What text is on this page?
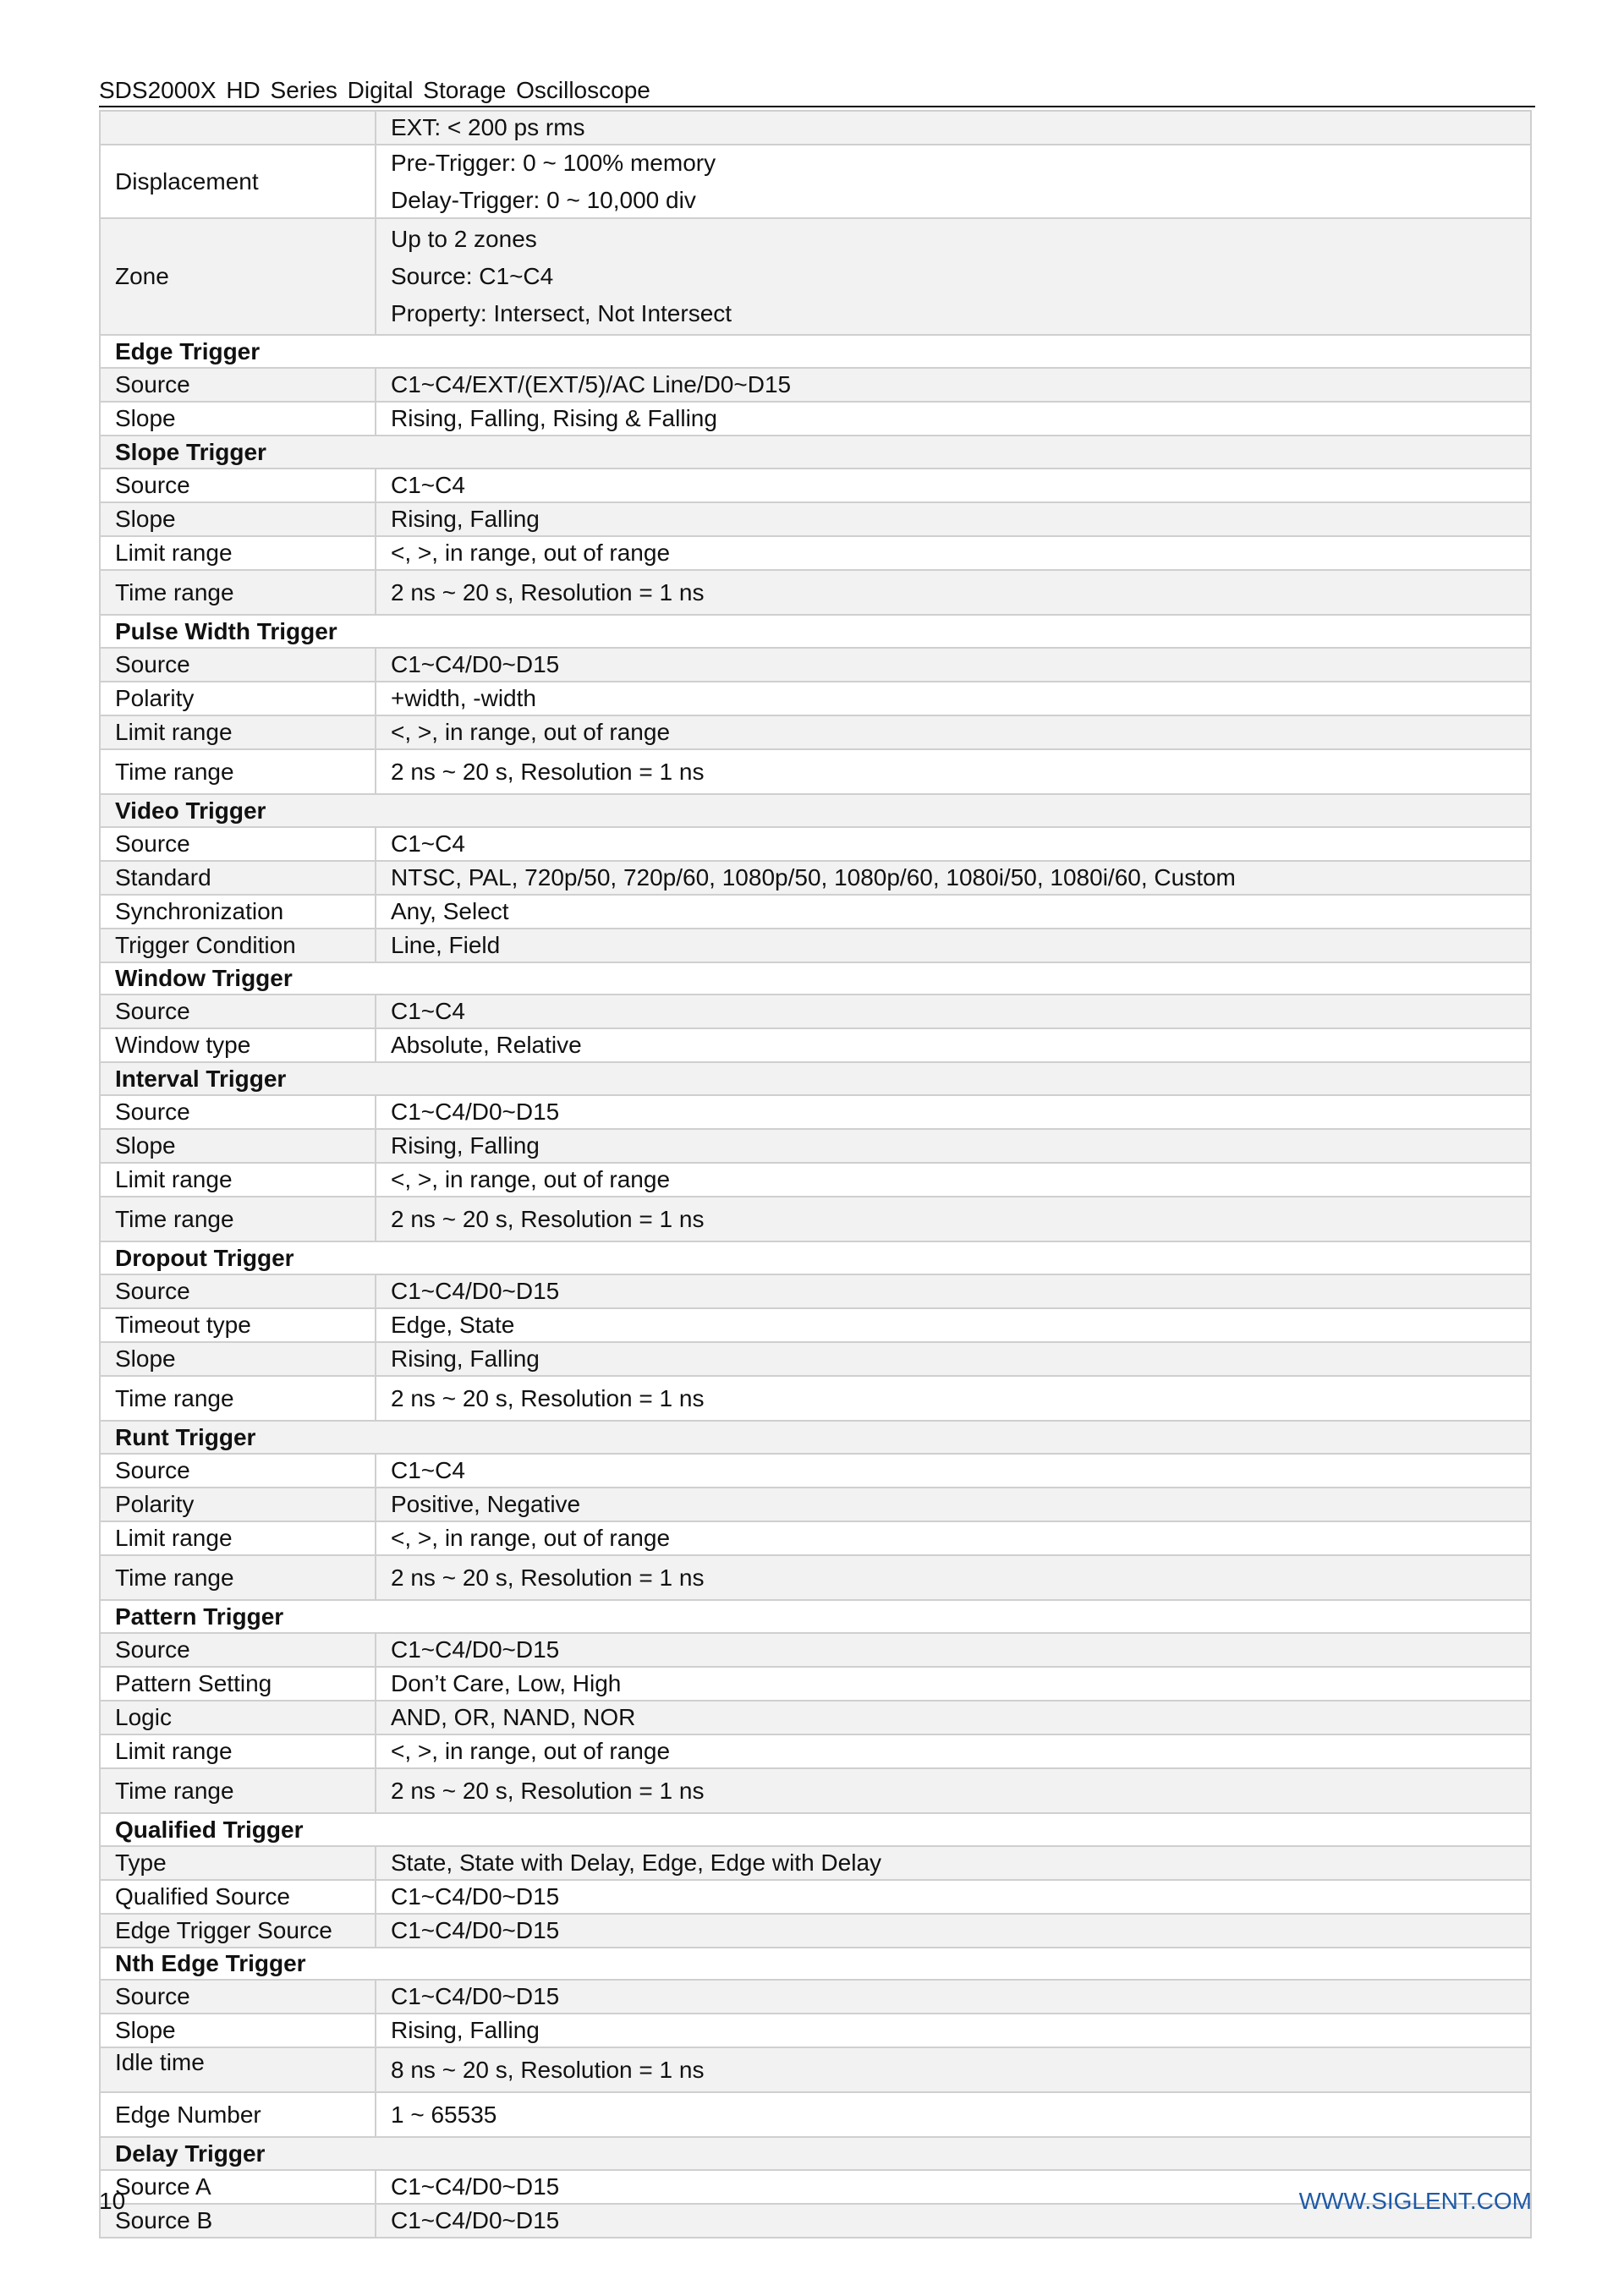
SDS2000X HD Series Digital Storage Oscilloscope

	EXT: < 200 ps rms

Displacement	Pre-Trigger: 0 ~ 100% memory
Delay-Trigger: 0 ~ 10,000 div

Zone	Up to 2 zones
Source: C1~C4
Property: Intersect, Not Intersect

Edge Trigger	
Source	C1~C4/EXT/(EXT/5)/AC Line/D0~D15

Slope	Rising, Falling, Rising & Falling

Slope Trigger	
Source	C1~C4

Slope	Rising, Falling

Limit range	<, >, in range, out of range

Time range	2 ns ~ 20 s, Resolution = 1 ns

Pulse Width Trigger	
Source	C1~C4/D0~D15

Polarity	+width, -width

Limit range	<, >, in range, out of range

Time range	2 ns ~ 20 s, Resolution = 1 ns

Video Trigger	
Source	C1~C4

Standard	NTSC, PAL, 720p/50, 720p/60, 1080p/50, 1080p/60, 1080i/50, 1080i/60, Custom

Synchronization	Any, Select

Trigger Condition	Line, Field

Window Trigger	
Source	C1~C4

Window type	Absolute, Relative

Interval Trigger	
Source	C1~C4/D0~D15

Slope	Rising, Falling

Limit range	<, >, in range, out of range

Time range	2 ns ~ 20 s, Resolution = 1 ns

Dropout Trigger	
Source	C1~C4/D0~D15

Timeout type	Edge, State

Slope	Rising, Falling

Time range	2 ns ~ 20 s, Resolution = 1 ns

Runt Trigger	
Source	C1~C4

Polarity	Positive, Negative

Limit range	<, >, in range, out of range

Time range	2 ns ~ 20 s, Resolution = 1 ns

Pattern Trigger	
Source	C1~C4/D0~D15

Pattern Setting	Don’t Care, Low, High

Logic	AND, OR, NAND, NOR

Limit range	<, >, in range, out of range

Time range	2 ns ~ 20 s, Resolution = 1 ns

Qualified Trigger	
Type	State, State with Delay, Edge, Edge with Delay

Qualified Source	C1~C4/D0~D15

Edge Trigger Source	C1~C4/D0~D15

Nth Edge Trigger	
Source	C1~C4/D0~D15

Slope	Rising, Falling

Idle time	8 ns ~ 20 s, Resolution = 1 ns

Edge Number	1 ~ 65535

Delay Trigger	
Source A	C1~C4/D0~D15

Source B	C1~C4/D0~D15
10	WWW.SIGLENT.COM
